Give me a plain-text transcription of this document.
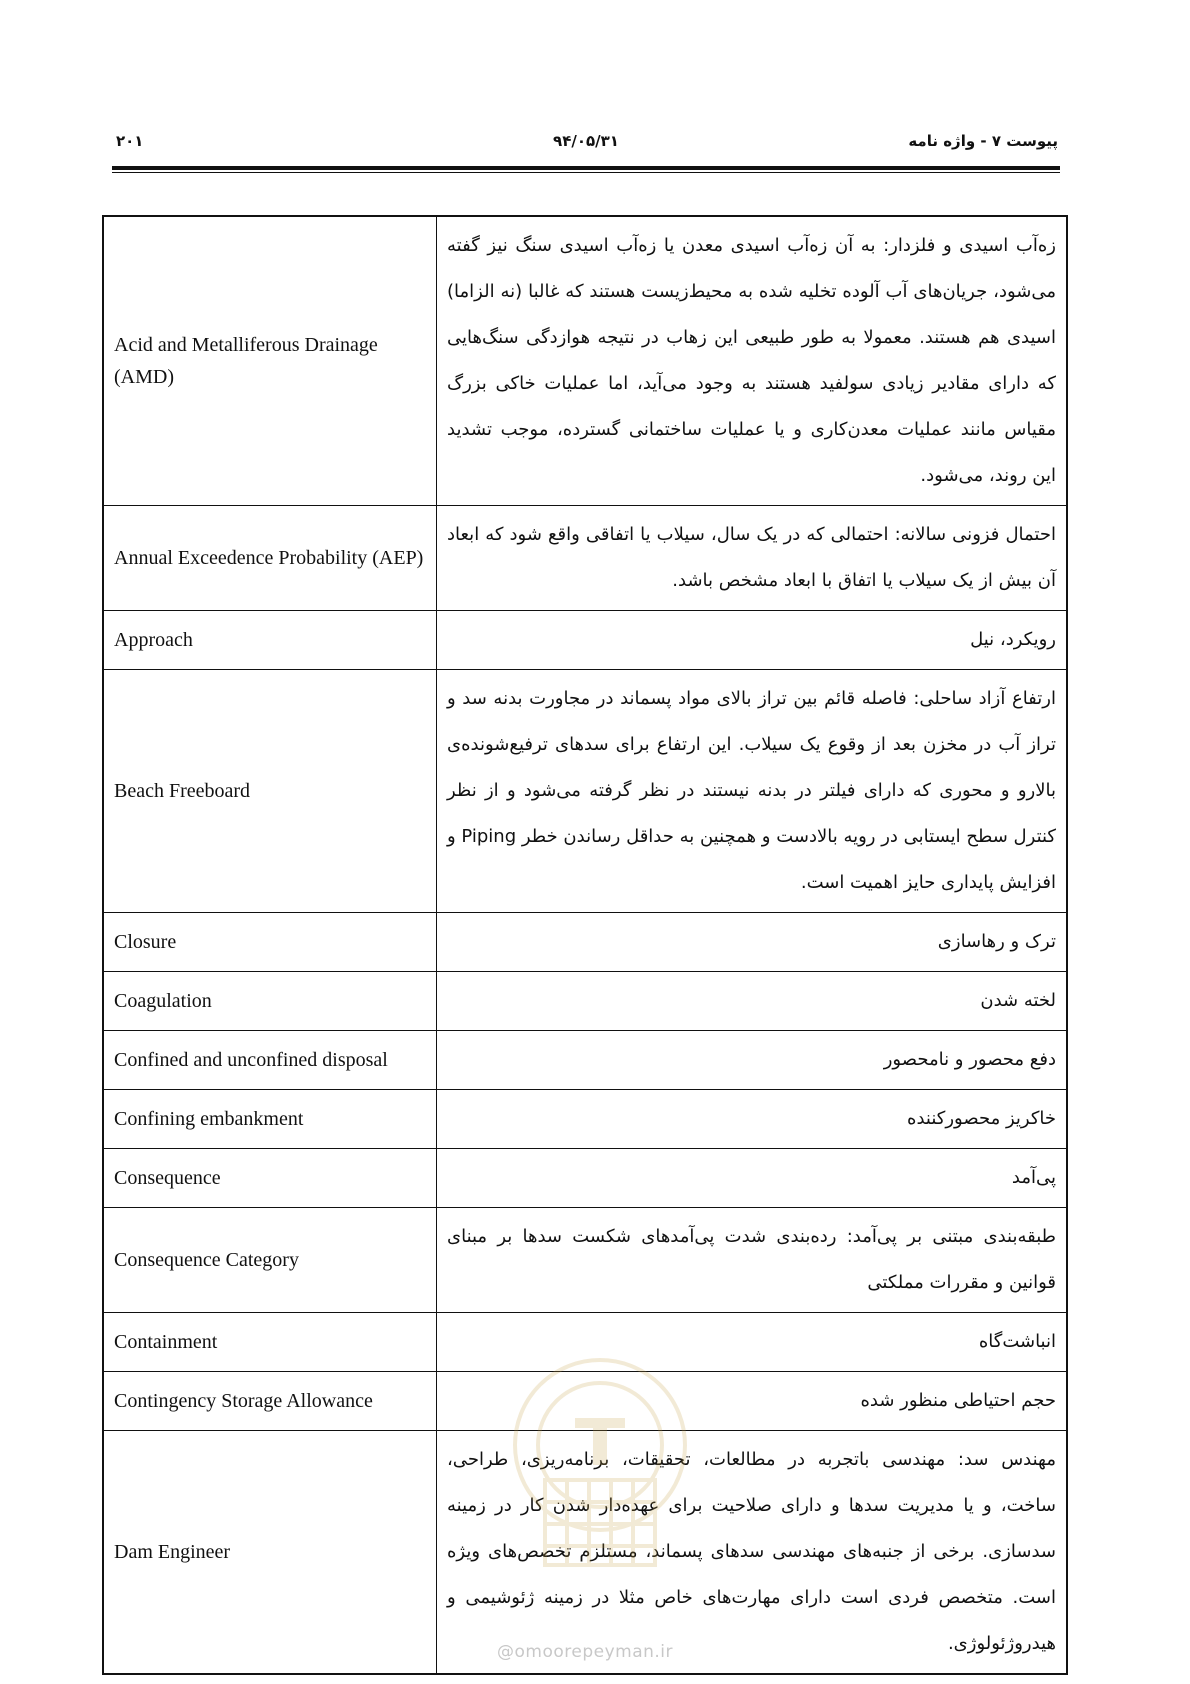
۲۰۱	۹۴/۰۵/۳۱	پیوست ۷ - واژه نامه
Acid and Metalliferous Drainage (AMD)	زه‌آب اسیدی و فلزدار: به آن زه‌آب اسیدی معدن یا زه‌آب اسیدی سنگ نیز گفته می‌شود، جریان‌های آب آلوده تخلیه شده به محیط‌زیست هستند که غالبا (نه الزاما) اسیدی هم هستند. معمولا به طور طبیعی این زهاب در نتیجه هوازدگی سنگ‌هایی که دارای مقادیر زیادی سولفید هستند به وجود می‌آید، اما عملیات خاکی بزرگ مقیاس مانند عملیات معدن‌کاری و یا عملیات ساختمانی گسترده، موجب تشدید این روند، می‌شود.
Annual Exceedence Probability (AEP)	احتمال فزونی سالانه: احتمالی که در یک سال، سیلاب یا اتفاقی واقع شود که ابعاد آن بیش از یک سیلاب یا اتفاق با ابعاد مشخص باشد.
Approach	رویکرد، نیل
Beach Freeboard	ارتفاع آزاد ساحلی: فاصله قائم بین تراز بالای مواد پسماند در مجاورت بدنه سد و تراز آب در مخزن بعد از وقوع یک سیلاب. این ارتفاع برای سدهای ترفیع‌شونده‌ی بالارو و محوری که دارای فیلتر در بدنه نیستند در نظر گرفته می‌شود و از نظر کنترل سطح ایستابی در رویه بالادست و همچنین به حداقل رساندن خطر Piping و افزایش پایداری حایز اهمیت است.
Closure	ترک و رهاسازی
Coagulation	لخته شدن
Confined and unconfined disposal	دفع محصور و نامحصور
Confining embankment	خاکریز محصورکننده
Consequence	پی‌آمد
Consequence Category	طبقه‌بندی مبتنی بر پی‌آمد: رده‌بندی شدت پی‌آمدهای شکست سدها بر مبنای قوانین و مقررات مملکتی
Containment	انباشت‌گاه
Contingency Storage Allowance	حجم احتیاطی منظور شده
Dam Engineer	مهندس سد: مهندسی باتجربه در مطالعات، تحقیقات، برنامه‌ریزی، طراحی، ساخت، و یا مدیریت سدها و دارای صلاحیت برای عهده‌دار شدن کار در زمینه سدسازی. برخی از جنبه‌های مهندسی سدهای پسماند، مستلزم تخصص‌های ویژه است. متخصص فردی است دارای مهارت‌های خاص مثلا در زمینه ژئوشیمی و هیدروژئولوژی.
@omoorepeyman.ir
